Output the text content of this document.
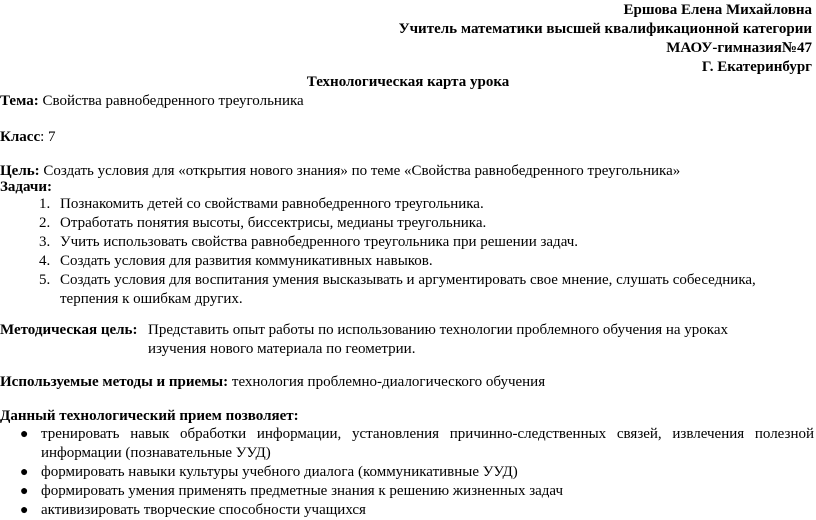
Ершова Елена Михайловна
Учитель математики высшей квалификационной категории
МАОУ-гимназия№47
Г. Екатеринбург
Технологическая карта урока
Тема: Свойства равнобедренного треугольника
Класс: 7
Цель: Создать условия для «открытия нового знания» по теме «Свойства равнобедренного треугольника»
Задачи:
1. Познакомить детей со свойствами равнобедренного треугольника.
2. Отработать понятия высоты, биссектрисы, медианы треугольника.
3. Учить использовать свойства равнобедренного треугольника при решении задач.
4. Создать условия для развития коммуникативных навыков.
5. Создать условия для воспитания умения высказывать и аргументировать свое мнение, слушать собеседника, терпения к ошибкам других.
Методическая цель: Представить опыт работы по использованию технологии проблемного обучения на уроках изучения нового материала по геометрии.
Используемые методы и приемы: технология проблемно-диалогического обучения
Данный технологический прием позволяет:
● тренировать навык обработки информации, установления причинно-следственных связей, извлечения полезной информации (познавательные УУД)
● формировать навыки культуры учебного диалога (коммуникативные УУД)
● формировать умения применять предметные знания к решению жизненных задач
● активизировать творческие способности учащихся
